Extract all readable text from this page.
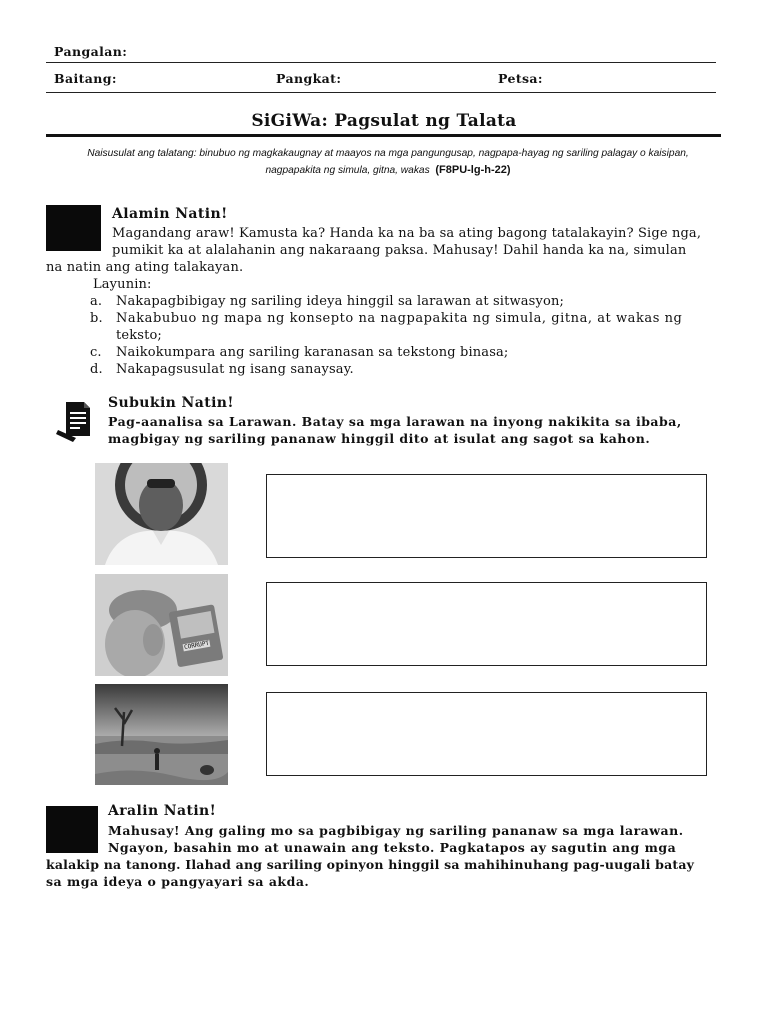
Pangalan:
Baitang:	Pangkat:	Petsa:
SiGiWa: Pagsulat ng Talata
Naisusulat ang talatang: binubuo ng magkakaugnay at maayos na mga pangungusap, nagpapa-hayag ng sariling palagay o kaisipan,
nagpapakita ng simula, gitna, wakas (F8PU-lg-h-22)
Alamin Natin!
Magandang araw! Kamusta ka? Handa ka na ba sa ating bagong tatalakayin? Sige nga,
pumikit ka at alalahanin ang nakaraang paksa. Mahusay! Dahil handa ka na, simulan
na natin ang ating talakayan.
Layunin:
a. Nakapagbibigay ng sariling ideya hinggil sa larawan at sitwasyon;
b. Nakabubuo ng mapa ng konsepto na nagpapakita ng simula, gitna, at wakas ng
teksto;
c. Naikokumpara ang sariling karanasan sa tekstong binasa;
d. Nakapagsusulat ng isang sanaysay.
Subukin Natin!
Pag-aanalisa sa Larawan. Batay sa mga larawan na inyong nakikita sa ibaba,
magbigay ng sariling pananaw hinggil dito at isulat ang sagot sa kahon.
CORRUPT
Aralin Natin!
Mahusay! Ang galing mo sa pagbibigay ng sariling pananaw sa mga larawan.
Ngayon, basahin mo at unawain ang teksto. Pagkatapos ay sagutin ang mga
kalakip na tanong. Ilahad ang sariling opinyon hinggil sa mahihinuhang pag-uugali batay
sa mga ideya o pangyayari sa akda.
